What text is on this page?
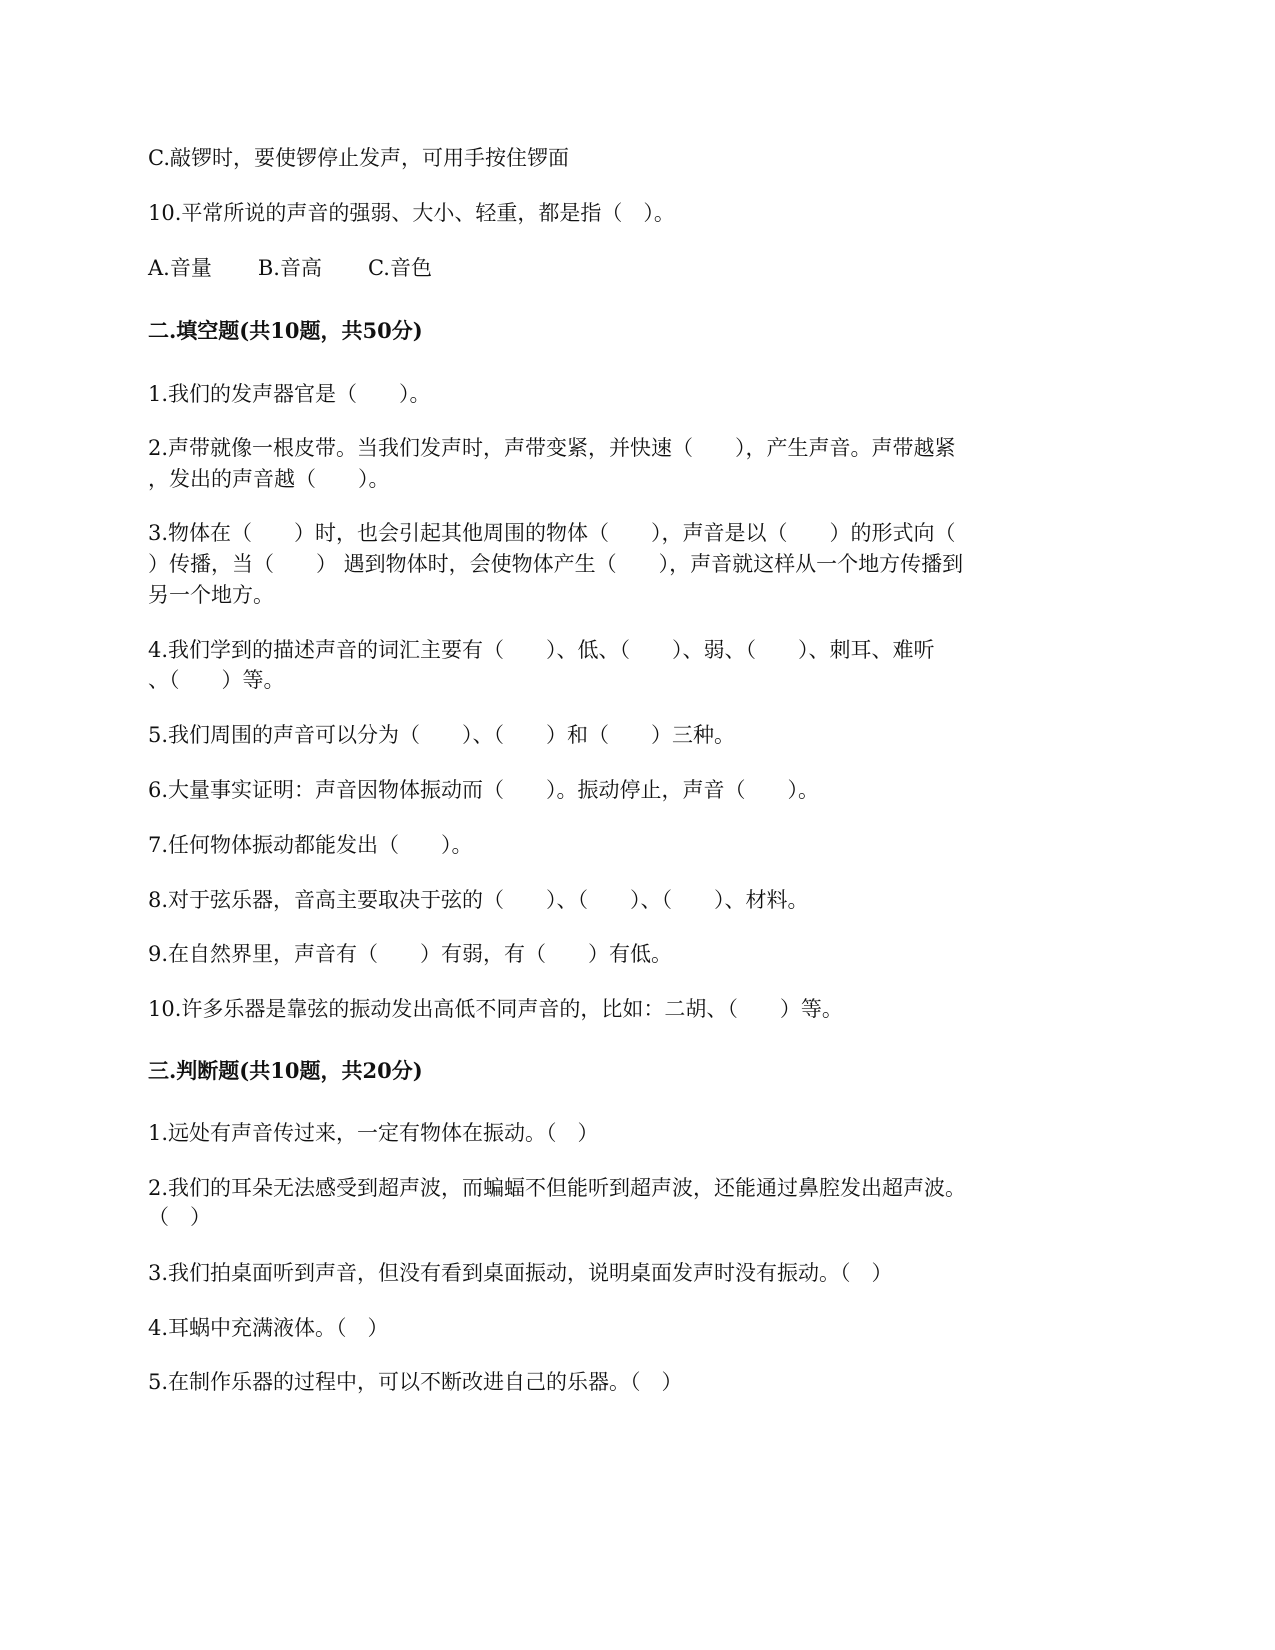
C.敲锣时，要使锣停止发声，可用手按住锣面

10.平常所说的声音的强弱、大小、轻重，都是指（　）。

A.音量 B.音高 C.音色

二.填空题(共10题，共50分)

1.我们的发声器官是（　　）。

2.声带就像一根皮带。当我们发声时，声带变紧，并快速（　　），产生声音。声带越紧

，发出的声音越（　　）。

3.物体在（　　）时，也会引起其他周围的物体（　　），声音是以（　　）的形式向（

）传播，当（　　） 遇到物体时，会使物体产生（　　），声音就这样从一个地方传播到

另一个地方。

4.我们学到的描述声音的词汇主要有（　　）、低、（　　）、弱、（　　）、刺耳、难听

、（　　）等。

5.我们周围的声音可以分为（　　）、（　　）和（　　）三种。

6.大量事实证明：声音因物体振动而（　　）。振动停止，声音（　　）。

7.任何物体振动都能发出（　　）。

8.对于弦乐器，音高主要取决于弦的（　　）、（　　）、（　　）、材料。

9.在自然界里，声音有（　　）有弱，有（　　）有低。

10.许多乐器是靠弦的振动发出高低不同声音的，比如：二胡、（　　）等。

三.判断题(共10题，共20分)

1.远处有声音传过来，一定有物体在振动。（　）

2.我们的耳朵无法感受到超声波，而蝙蝠不但能听到超声波，还能通过鼻腔发出超声波。

（　）

3.我们拍桌面听到声音，但没有看到桌面振动，说明桌面发声时没有振动。（　）

4.耳蜗中充满液体。（　）

5.在制作乐器的过程中，可以不断改进自己的乐器。（　）
